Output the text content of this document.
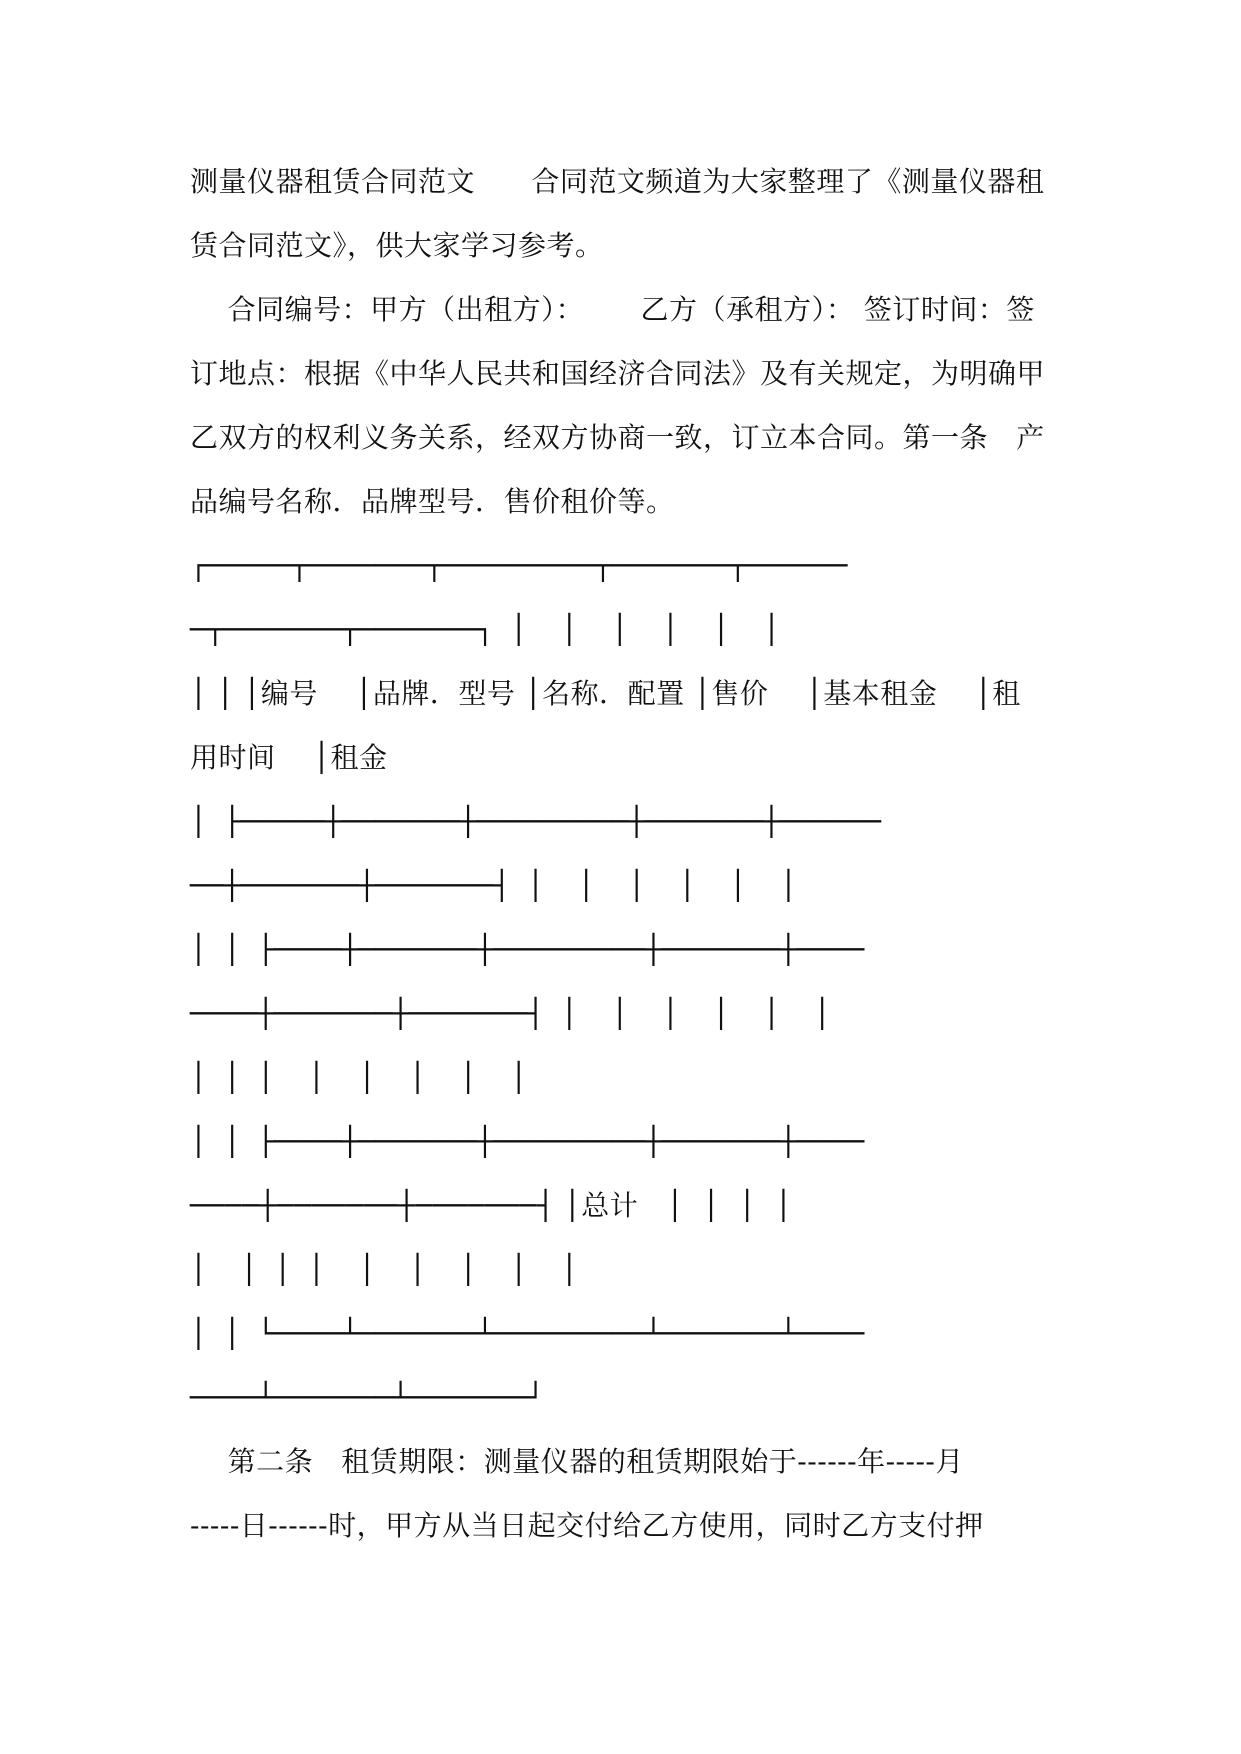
测量仪器租赁合同范文      合同范文频道为大家整理了《测量仪器租
赁合同范文》，供大家学习参考。
合同编号：甲方（出租方）：      乙方（承租方）： 签订时间：签
订地点：根据《中华人民共和国经济合同法》及有关规定，为明确甲
乙双方的权利义务关系，经双方协商一致，订立本合同。第一条   产
品编号名称．品牌型号．售价租价等。
┌─────┬───────┬─────────┬───────┬──────
─┬───────┬───────┐ │  │  │  │  │  │
│ │ │编号    │品牌．型号 │名称．配置 │售价    │基本租金    │租
用时间    │租金
│ ├─────┼───────┼─────────┼───────┼──────
──┼───────┼───────┤ │  │  │  │  │  │
│ │ ├────┼───────┼─────────┼───────┼────
────┼───────┼───────┤ │  │  │  │  │  │
│ │ │  │  │  │  │  │
│ │ ├────┼───────┼─────────┼───────┼────
────┼───────┼───────┤ │总计   │  │  │  │
│  │ │ │  │  │  │  │  │
│ │ └────┴───────┴─────────┴───────┴────
────┴───────┴───────┘
第二条   租赁期限：测量仪器的租赁期限始于------年-----月
-----日------时，甲方从当日起交付给乙方使用，同时乙方支付押
